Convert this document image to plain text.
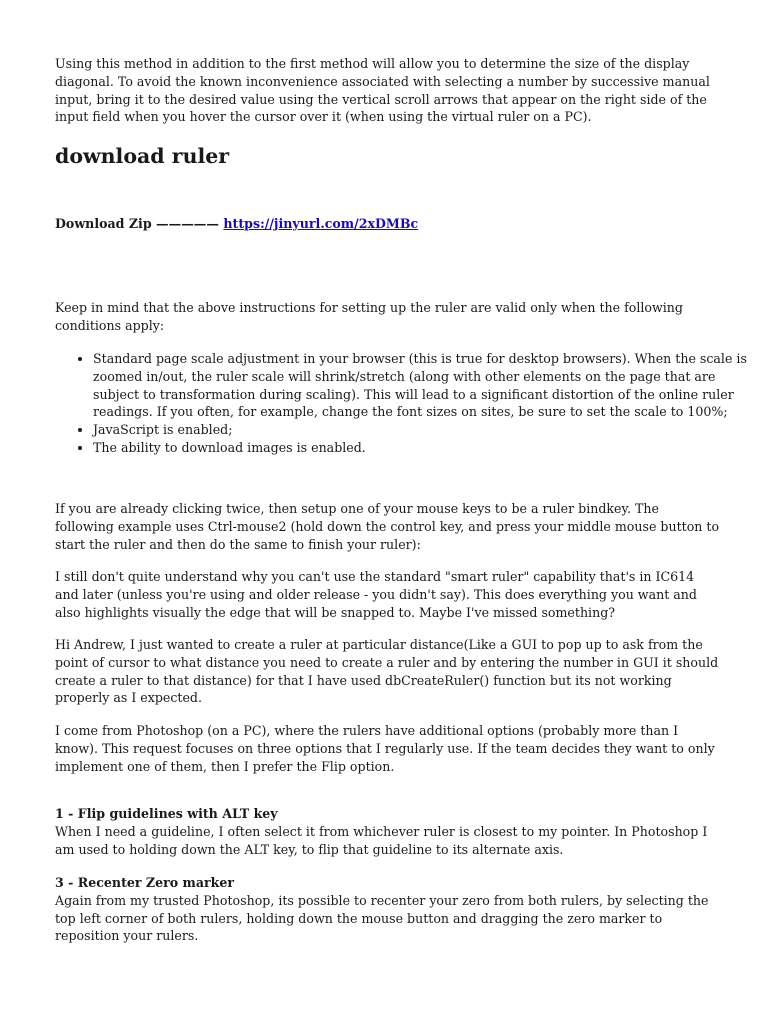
Using this method in addition to the first method will allow you to determine the size of the display diagonal. To avoid the known inconvenience associated with selecting a number by successive manual input, bring it to the desired value using the vertical scroll arrows that appear on the right side of the input field when you hover the cursor over it (when using the virtual ruler on a PC).

download ruler

Download Zip ————— https://jinyurl.com/2xDMBc

Keep in mind that the above instructions for setting up the ruler are valid only when the following conditions apply:

• Standard page scale adjustment in your browser (this is true for desktop browsers). When the scale is zoomed in/out, the ruler scale will shrink/stretch (along with other elements on the page that are subject to transformation during scaling). This will lead to a significant distortion of the online ruler readings. If you often, for example, change the font sizes on sites, be sure to set the scale to 100%;
• JavaScript is enabled;
• The ability to download images is enabled.

If you are already clicking twice, then setup one of your mouse keys to be a ruler bindkey. The following example uses Ctrl-mouse2 (hold down the control key, and press your middle mouse button to start the ruler and then do the same to finish your ruler):

I still don't quite understand why you can't use the standard "smart ruler" capability that's in IC614 and later (unless you're using and older release - you didn't say). This does everything you want and also highlights visually the edge that will be snapped to. Maybe I've missed something?

Hi Andrew, I just wanted to create a ruler at particular distance(Like a GUI to pop up to ask from the point of cursor to what distance you need to create a ruler and by entering the number in GUI it should create a ruler to that distance) for that I have used dbCreateRuler() function but its not working properly as I expected.

I come from Photoshop (on a PC), where the rulers have additional options (probably more than I know). This request focuses on three options that I regularly use. If the team decides they want to only implement one of them, then I prefer the Flip option.

1 - Flip guidelines with ALT key
When I need a guideline, I often select it from whichever ruler is closest to my pointer. In Photoshop I am used to holding down the ALT key, to flip that guideline to its alternate axis.
3 - Recenter Zero marker
Again from my trusted Photoshop, its possible to recenter your zero from both rulers, by selecting the top left corner of both rulers, holding down the mouse button and dragging the zero marker to reposition your rulers.
